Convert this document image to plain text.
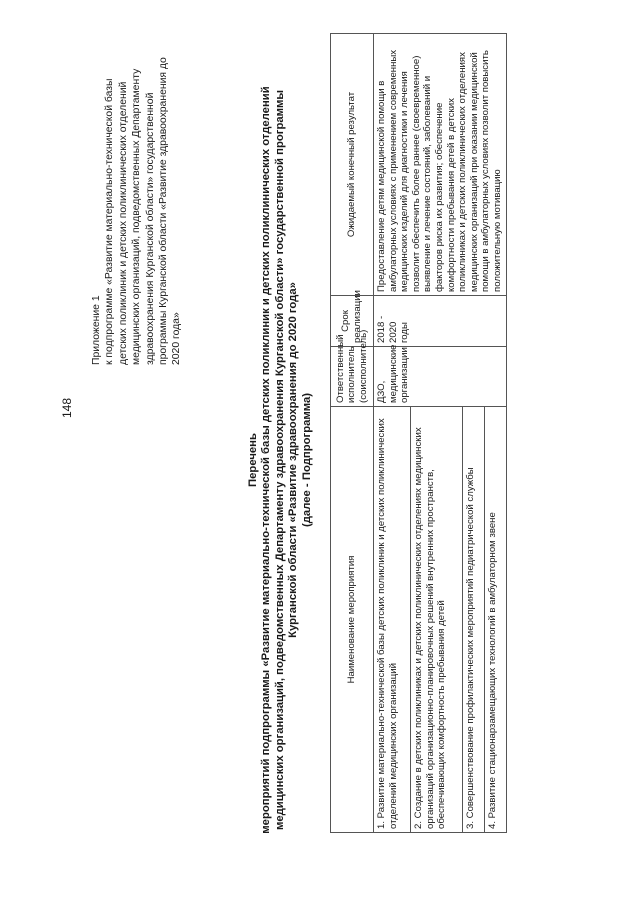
148
Приложение 1 к подпрограмме «Развитие материально-технической базы детских поликлиник и детских поликлинических отделений медицинских организаций, подведомственных Департаменту здравоохранения Курганской области» государственной программы Курганской области «Развитие здравоохранения до 2020 года»
Перечень мероприятий подпрограммы «Развитие материально-технической базы детских поликлиник и детских поликлинических отделений медицинских организаций, подведомственных Департаменту здравоохранения Курганской области» государственной программы Курганской области «Развитие здравоохранения до 2020 года» (далее - Подпрограмма)
Наименование мероприятия	Ответственный исполнитель (соисполнитель)	Срок реализации	Ожидаемый конечный результат
1. Развитие материально-технической базы детских поликлиник и детских поликлинических отделений медицинских организаций	ДЗО, медицинские организации	2018 - 2020 годы	Предоставление детям медицинской помощи в амбулаторных условиях с применением современных медицинских изделий для диагностики и лечения позволит обеспечить более раннее (своевременное) выявление и лечение состояний, заболеваний и факторов риска их развития; обеспечение комфортности пребывания детей в детских поликлиниках и детских поликлинических отделениях медицинских организаций при оказании медицинской помощи в амбулаторных условиях позволит повысить положительную мотивацию

2. Создание в детских поликлиниках и детских поликлинических отделениях медицинских организаций организационно-планировочных решений внутренних пространств, обеспечивающих комфортность пребывания детей			
3. Совершенствование профилактических мероприятий педиатрической службы			
4. Развитие стационарзамещающих технологий в амбулаторном звене			
